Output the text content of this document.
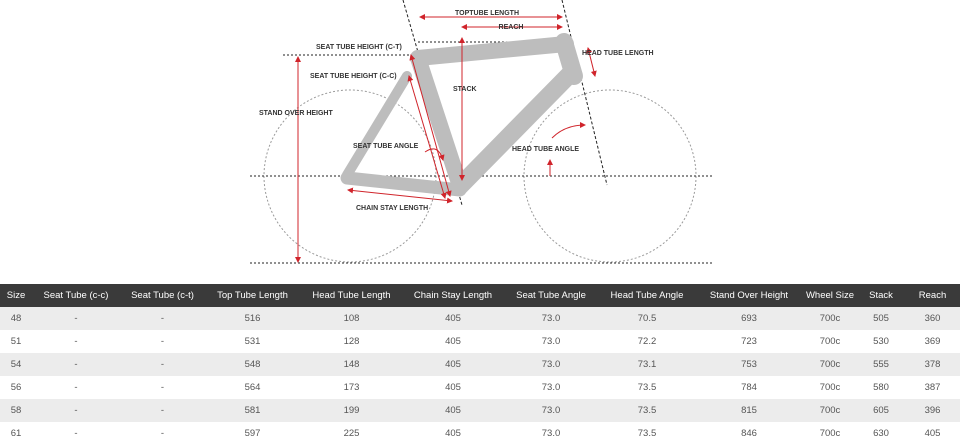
TOPTUBE LENGTH
REACH
HEAD TUBE LENGTH
SEAT TUBE HEIGHT (C-T)
SEAT TUBE HEIGHT (C-C)
STACK
STAND OVER HEIGHT
SEAT TUBE ANGLE	HEAD TUBE ANGLE
CHAIN STAY LENGTH
Size	Seat Tube (c-c)	Seat Tube (c-t)	Top Tube Length	Head Tube Length	Chain Stay Length	Seat Tube Angle	Head Tube Angle	Stand Over Height	Wheel Size	Stack	Reach
48	-	-	516	108	405	73.0	70.5	693	700c	505	360
51	-	-	531	128	405	73.0	72.2	723	700c	530	369
54	-	-	548	148	405	73.0	73.1	753	700c	555	378
56	-	-	564	173	405	73.0	73.5	784	700c	580	387
58	-	-	581	199	405	73.0	73.5	815	700c	605	396
61	-	-	597	225	405	73.0	73.5	846	700c	630	405
